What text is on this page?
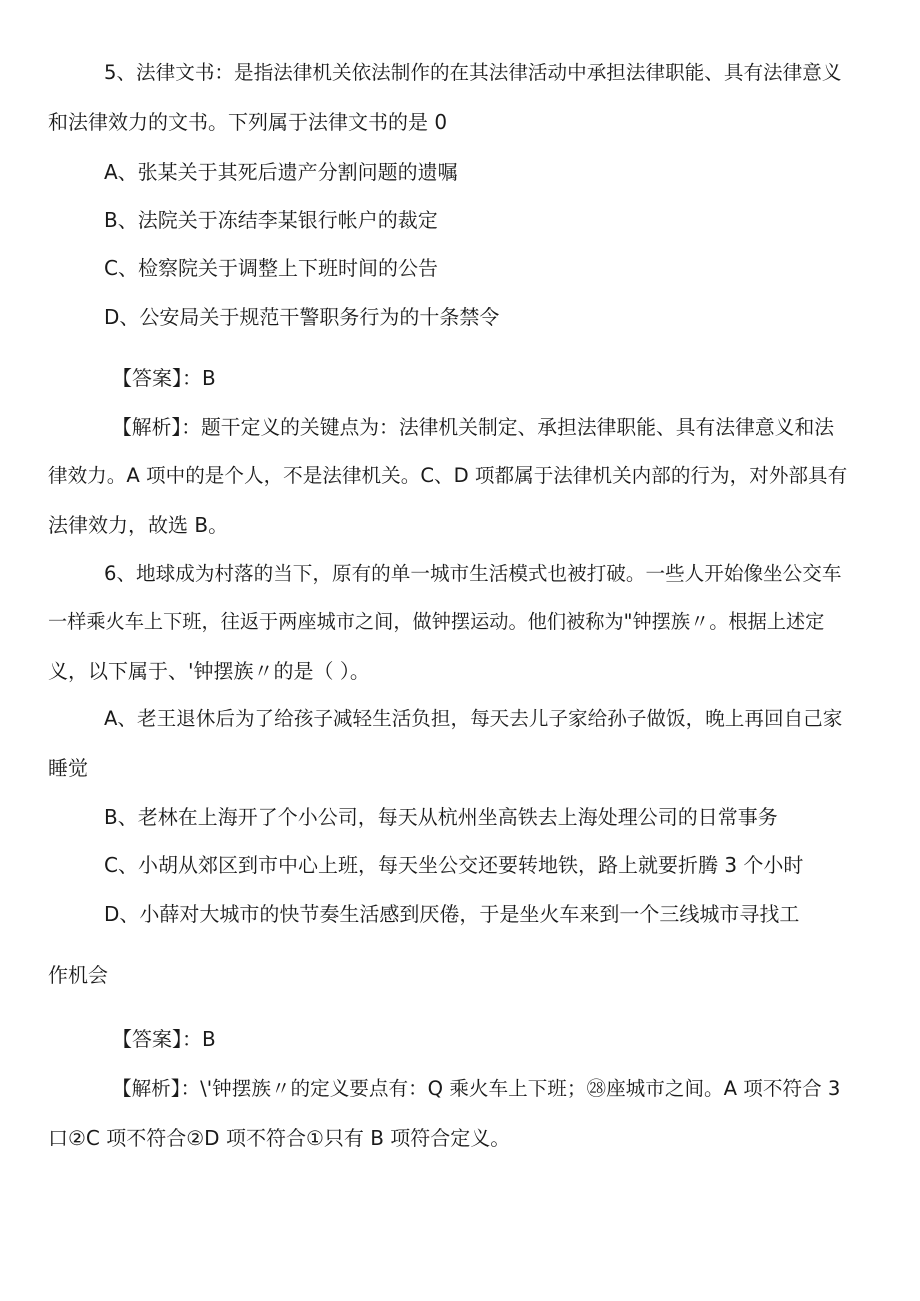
5、法律文书：是指法律机关依法制作的在其法律活动中承担法律职能、具有法律意义
和法律效力的文书。下列属于法律文书的是 0
A、张某关于其死后遗产分割问题的遗嘱
B、法院关于冻结李某银行帐户的裁定
C、检察院关于调整上下班时间的公告
D、公安局关于规范干警职务行为的十条禁令
【答案】：B
【解析】：题干定义的关键点为：法律机关制定、承担法律职能、具有法律意义和法
律效力。A 项中的是个人，不是法律机关。C、D 项都属于法律机关内部的行为，对外部具有
法律效力，故选 B。
6、地球成为村落的当下，原有的单一城市生活模式也被打破。一些人开始像坐公交车
一样乘火车上下班，往返于两座城市之间，做钟摆运动。他们被称为"钟摆族〃。根据上述定
义，以下属于、'钟摆族〃的是（ ）。
A、老王退休后为了给孩子减轻生活负担，每天去儿子家给孙子做饭，晚上再回自己家
睡觉
B、老林在上海开了个小公司，每天从杭州坐高铁去上海处理公司的日常事务
C、小胡从郊区到市中心上班，每天坐公交还要转地铁，路上就要折腾 3 个小时
D、小薛对大城市的快节奏生活感到厌倦，于是坐火车来到一个三线城市寻找工
作机会
【答案】：B
【解析】：\'钟摆族〃的定义要点有：Q 乘火车上下班；㉘座城市之间。A 项不符合 3
口②C 项不符合②D 项不符合①只有 B 项符合定义。
